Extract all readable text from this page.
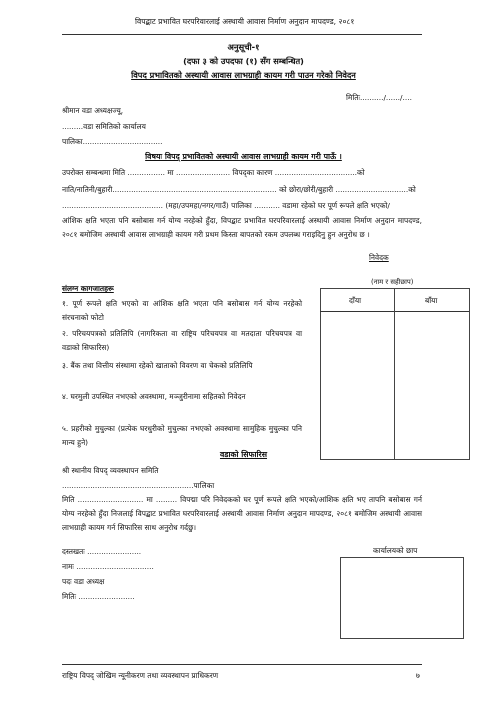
विपद्बाट प्रभावित घरपरिवारलाई अस्थायी आवास निर्माण अनुदान मापदण्ड, २०८१
अनुसूची-१
(दफा ३ को उपदफा (१) सँग सम्बन्धित)
विपद प्रभावितको अस्थायी आवास लाभग्राही कायम गरी पाउन गरेको निवेदन
मितिः........../....../....
श्रीमान वडा अध्यक्षज्यू,
.........वडा समितिको कार्यालय
पालिका..................................
विषयः विपद् प्रभावितको अस्थायी आवास लाभग्राही कायम गरी पाऊँ ।
उपरोक्त सम्बन्धमा मिति ................ मा ....................... विपद्का कारण ...................................को
नाति/नातिनी/बुहारी...................................................................... को छोरा/छोरी/बुहारी ...............................को
........................................... (महा/उपमहा/नगर/गाउँ) पालिका ........... वडामा रहेको घर पूर्ण रूपले क्षति भएको/
आंशिक क्षति भएता पनि बसोबास गर्न योग्य नरहेको हुँदा, विपद्बाट प्रभावित घरपरिवारलाई अस्थायी आवास निर्माण अनुदान मापदण्ड, २०८१ बमोजिम अस्थायी आवास लाभग्राही कायम गरी प्रथम किस्ता बापतको रकम उपलब्ध गराइदिनु हुन अनुरोध छ ।
निवेदक
(नाम र सहीछाप)
दाँया	बाँया
संलग्न कागजातहरू
१. पूर्ण रूपले क्षति भएको वा आंशिक क्षति भएता पनि बसोबास गर्न योग्य नरहेको संरचनाको फोटो
२. परिचयपत्रको प्रतिलिपि (नागरिकता वा राष्ट्रिय परिचयपत्र वा मतदाता परिचयपत्र वा वडाको सिफारिस)
३. बैंक तथा वित्तीय संस्थामा रहेको खाताको विवरण वा चेकको प्रतिलिपि
४. घरमुली उपस्थित नभएको अवस्थामा, मञ्जुरीनामा सहितको निवेदन
५. प्रहरीको मुचुल्का (प्रत्येक घरधुरीको मुचुल्का नभएको अवस्थामा सामुहिक मुचुल्का पनि मान्य हुने)
वडाको सिफारिस
श्री स्थानीय विपद् व्यवस्थापन समिति
........................................................पालिका
मिति ............................ मा ......... विपद्मा परि निवेदकको घर पूर्ण रूपले क्षति भएको/आंशिक क्षति भए तापनि बसोबास गर्न योग्य नरहेको हुँदा निजलाई विपद्बाट प्रभावित घरपरिवारलाई अस्थायी आवास निर्माण अनुदान मापदण्ड, २०८१ बमोजिम अस्थायी आवास लाभग्राही कायम गर्न सिफारिस साथ अनुरोध गर्दछु।
दस्तखतः .......................
नामः .................................
पदः वडा अध्यक्ष
मितिः ........................
कार्यालयको छाप
राष्ट्रिय विपद् जोखिम न्यूनीकरण तथा व्यवस्थापन प्राधिकरण	७
